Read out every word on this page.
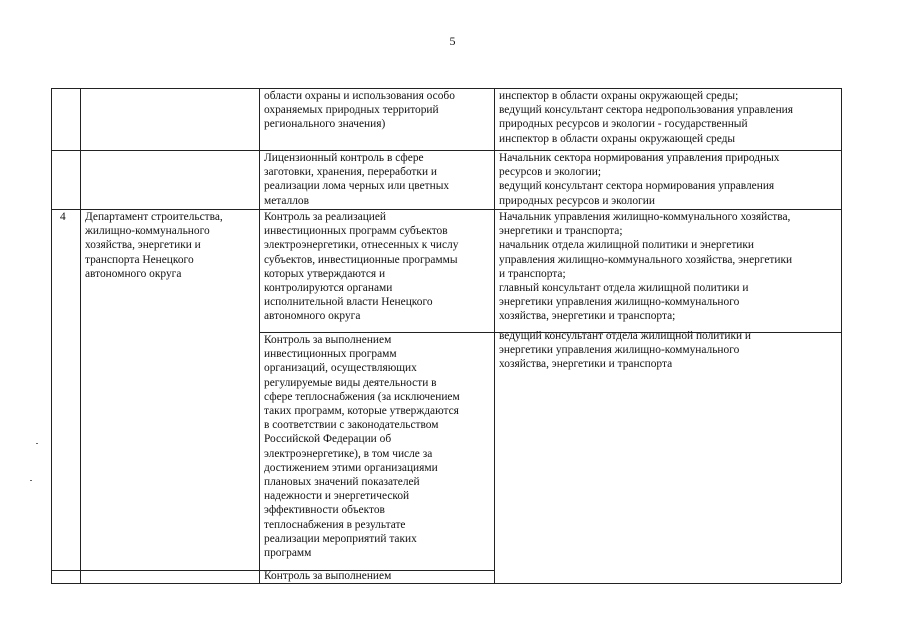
5
области охраны и использования особо
охраняемых природных территорий
регионального значения)
инспектор в области охраны окружающей среды;
ведущий консультант сектора недропользования управления
природных ресурсов и экологии - государственный
инспектор в области охраны окружающей среды
Лицензионный контроль в сфере
заготовки, хранения, переработки и
реализации лома черных или цветных
металлов
Начальник сектора нормирования управления природных
ресурсов и экологии;
ведущий консультант сектора нормирования управления
природных ресурсов и экологии
4	Департамент строительства,
жилищно-коммунального
хозяйства, энергетики и
транспорта Ненецкого
автономного округа
Контроль за реализацией
инвестиционных программ субъектов
электроэнергетики, отнесенных к числу
субъектов, инвестиционные программы
которых утверждаются и
контролируются органами
исполнительной власти Ненецкого
автономного округа
Начальник управления жилищно-коммунального хозяйства,
энергетики и транспорта;
начальник отдела жилищной политики и энергетики
управления жилищно-коммунального хозяйства, энергетики
и транспорта;
главный консультант отдела жилищной политики и
энергетики управления жилищно-коммунального
хозяйства, энергетики и транспорта;
Контроль за выполнением
инвестиционных программ
организаций, осуществляющих
регулируемые виды деятельности в
сфере теплоснабжения (за исключением
таких программ, которые утверждаются
в соответствии с законодательством
Российской Федерации об
электроэнергетике), в том числе за
достижением этими организациями
плановых значений показателей
надежности и энергетической
эффективности объектов
теплоснабжения в результате
реализации мероприятий таких
программ
ведущий консультант отдела жилищной политики и
энергетики управления жилищно-коммунального
хозяйства, энергетики и транспорта
Контроль за выполнением
